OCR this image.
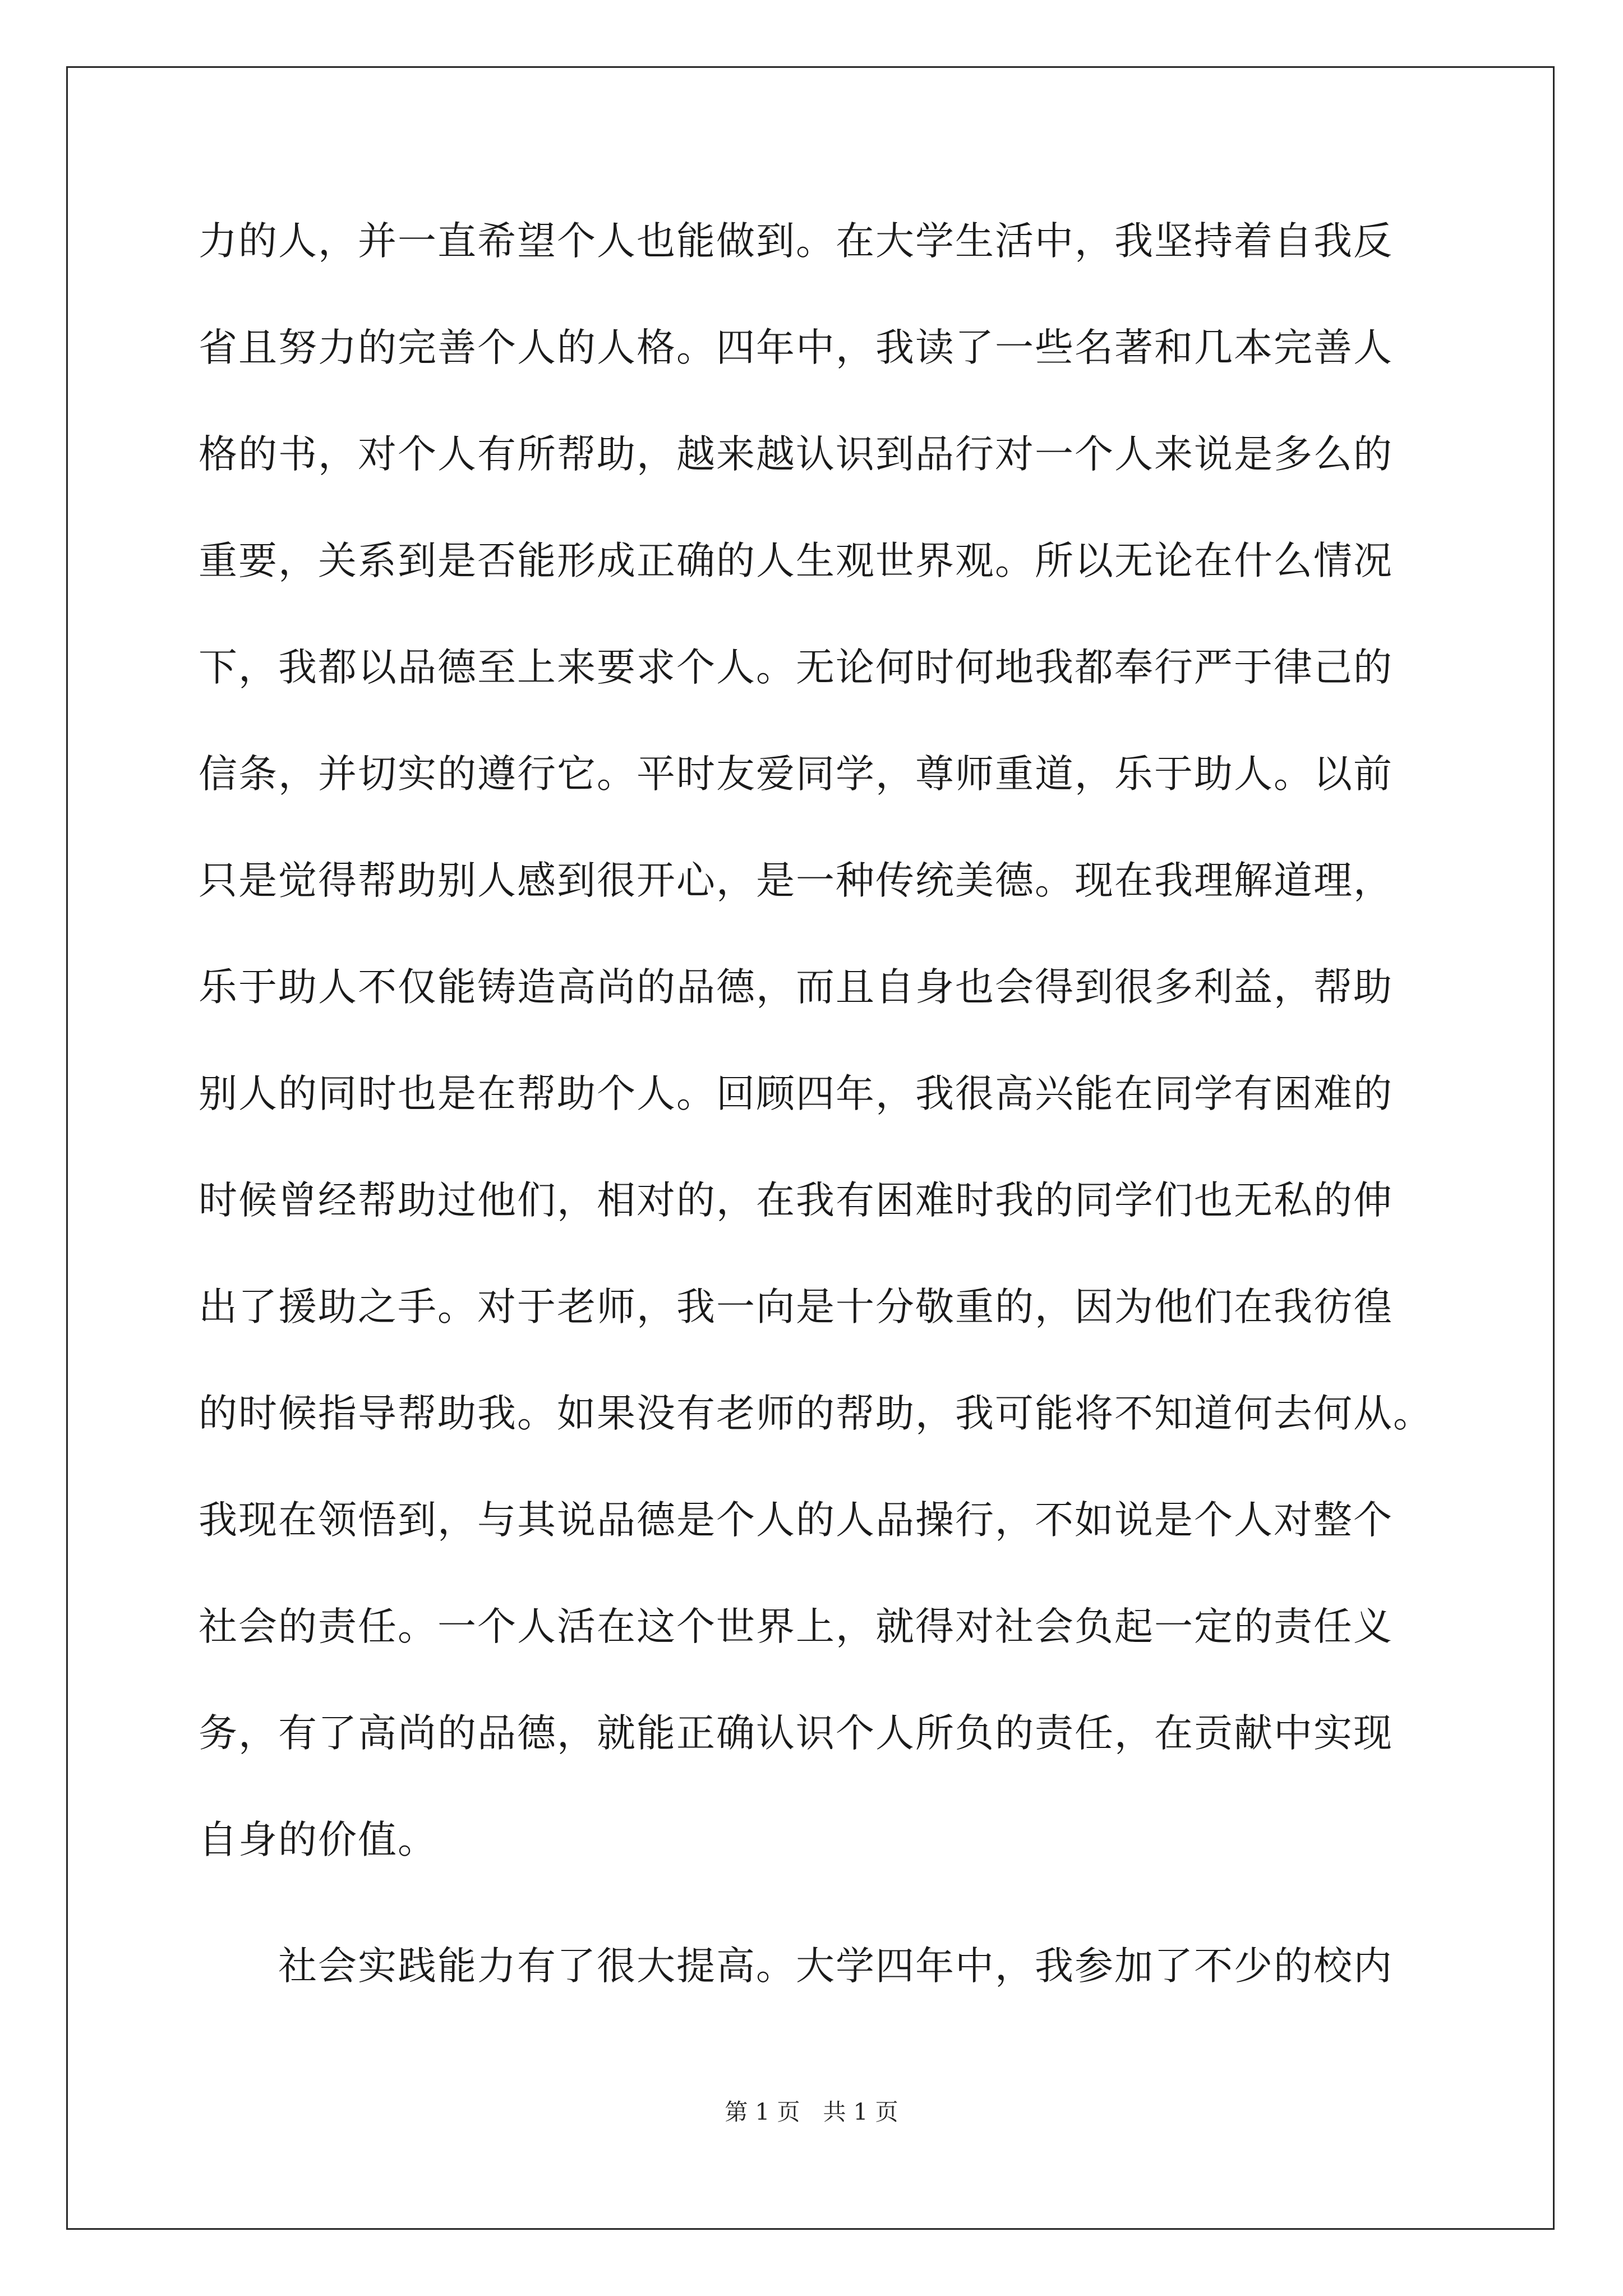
力的人，并一直希望个人也能做到。在大学生活中，我坚持着自我反
省且努力的完善个人的人格。四年中，我读了一些名著和几本完善人
格的书，对个人有所帮助，越来越认识到品行对一个人来说是多么的
重要，关系到是否能形成正确的人生观世界观。所以无论在什么情况
下，我都以品德至上来要求个人。无论何时何地我都奉行严于律己的
信条，并切实的遵行它。平时友爱同学，尊师重道，乐于助人。以前
只是觉得帮助别人感到很开心，是一种传统美德。现在我理解道理，
乐于助人不仅能铸造高尚的品德，而且自身也会得到很多利益，帮助
别人的同时也是在帮助个人。回顾四年，我很高兴能在同学有困难的
时候曾经帮助过他们，相对的，在我有困难时我的同学们也无私的伸
出了援助之手。对于老师，我一向是十分敬重的，因为他们在我彷徨
的时候指导帮助我。如果没有老师的帮助，我可能将不知道何去何从。
我现在领悟到，与其说品德是个人的人品操行，不如说是个人对整个
社会的责任。一个人活在这个世界上，就得对社会负起一定的责任义
务，有了高尚的品德，就能正确认识个人所负的责任，在贡献中实现
自身的价值。
　　社会实践能力有了很大提高。大学四年中，我参加了不少的校内
第 1 页　共 1 页
